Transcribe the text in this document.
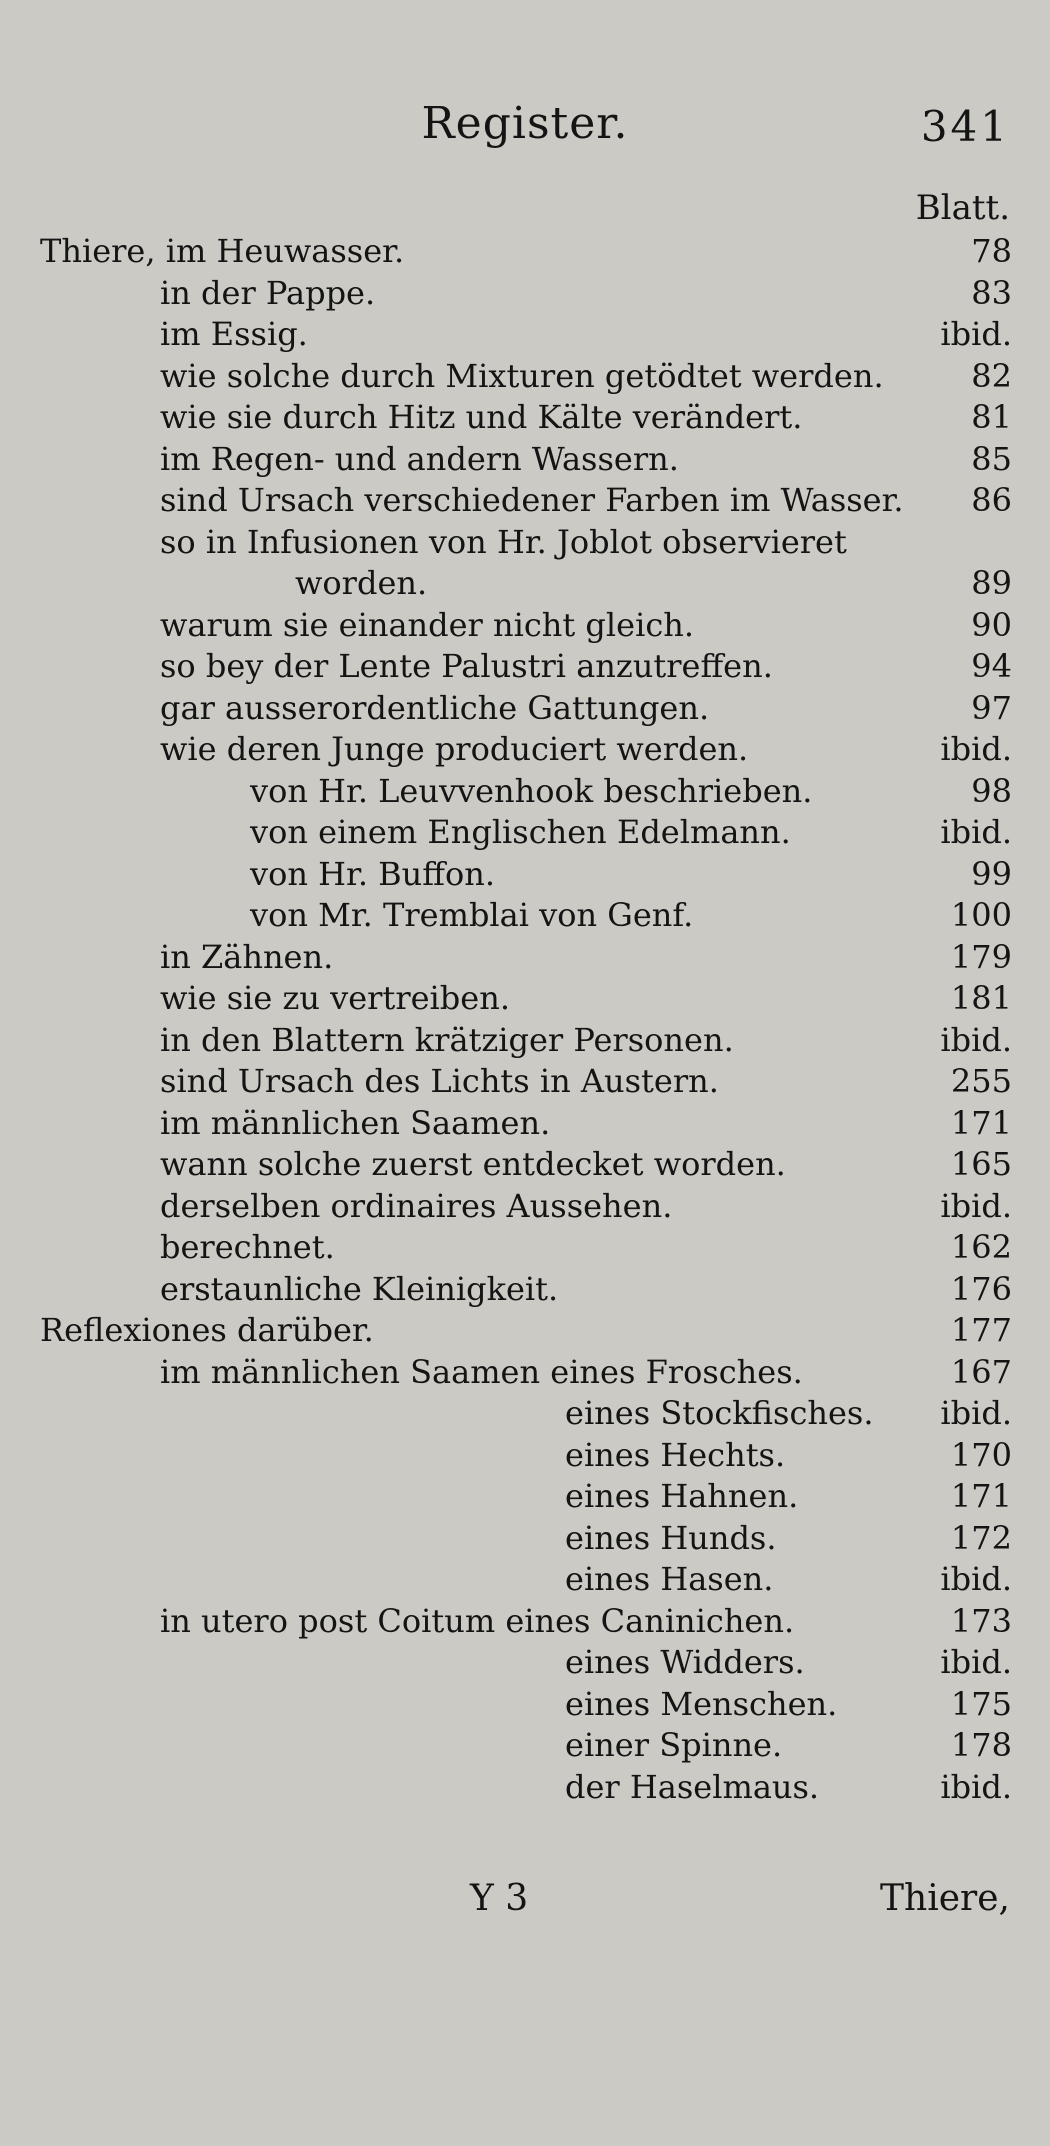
Register.	341
Blatt.
Thiere, im Heuwasser.	78
in der Pappe.	83
im Essig.	ibid.
wie solche durch Mixturen getödtet werden.	82
wie sie durch Hitz und Kälte verändert.	81
im Regen- und andern Wassern.	85
sind Ursach verschiedener Farben im Wasser. 86
so in Infusionen von Hr. Joblot observieret
worden.	89
warum sie einander nicht gleich.	90
so bey der Lente Palustri anzutreffen.	94
gar ausserordentliche Gattungen.	97
wie deren Junge produciert werden.	ibid.
von Hr. Leuvvenhook beschrieben.	98
von einem Englischen Edelmann.	ibid.
von Hr. Buffon.	99
von Mr. Tremblai von Genf.	100
in Zähnen.	179
wie sie zu vertreiben.	181
in den Blattern krätziger Personen.	ibid.
sind Ursach des Lichts in Austern.	255
im männlichen Saamen.	171
wann solche zuerst entdecket worden.	165
derselben ordinaires Aussehen.	ibid.
berechnet.	162
erstaunliche Kleinigkeit.	176
Reflexiones darüber.	177
im männlichen Saamen eines Frosches.	167
eines Stockfisches. ibid.
eines Hechts.	170
eines Hahnen.	171
eines Hunds.	172
eines Hasen.	ibid.
in utero post Coitum eines Caninichen.	173
eines Widders.	ibid.
eines Menschen.	175
einer Spinne.	178
der Haselmaus.	ibid.
Y 3	Thiere,
